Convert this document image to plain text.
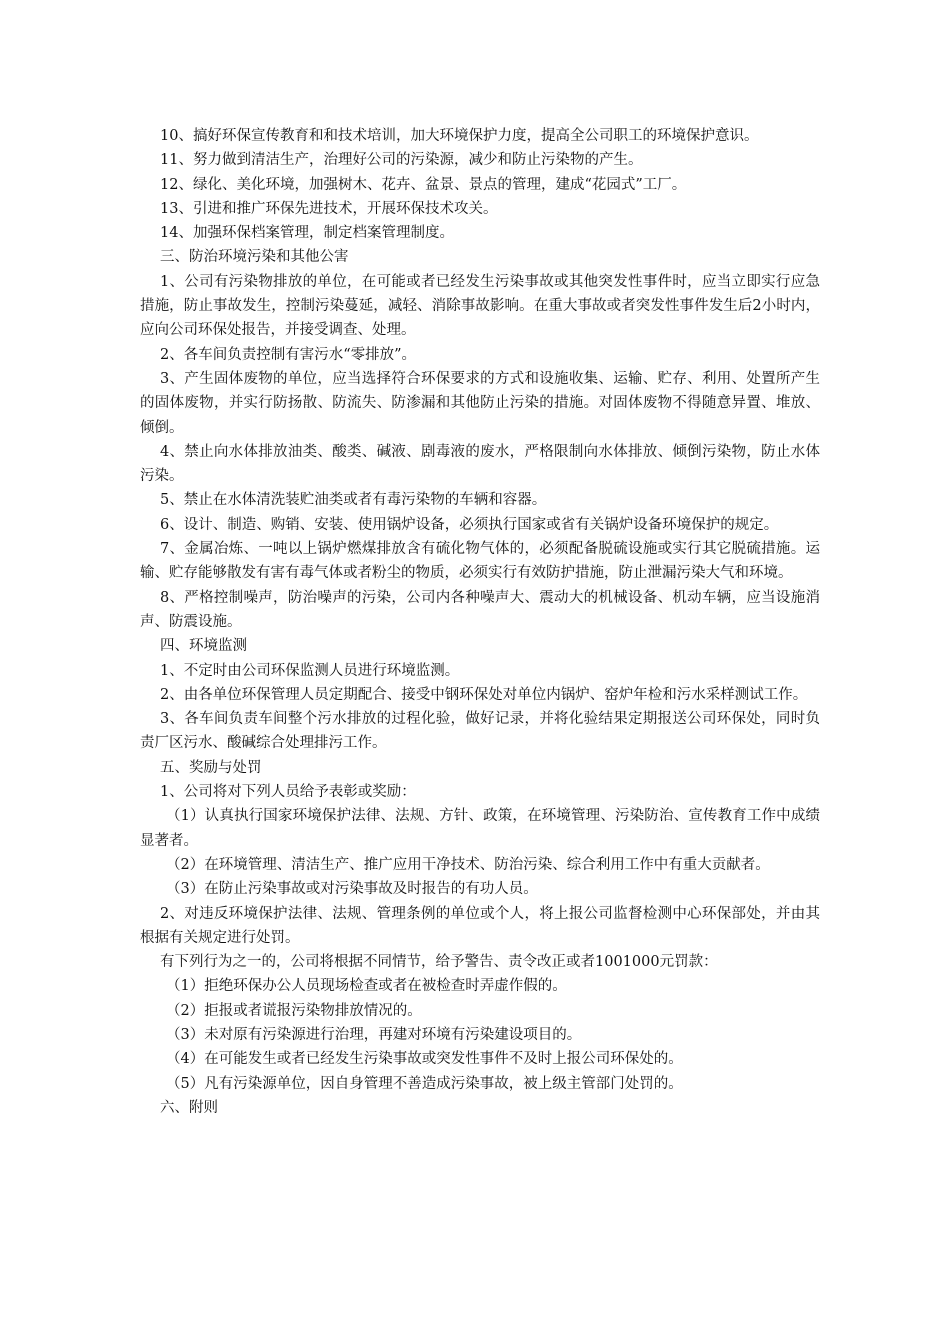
10、搞好环保宣传教育和和技术培训，加大环境保护力度，提高全公司职工的环境保护意识。

11、努力做到清洁生产，治理好公司的污染源，减少和防止污染物的产生。

12、绿化、美化环境，加强树木、花卉、盆景、景点的管理，建成“花园式”工厂。

13、引进和推广环保先进技术，开展环保技术攻关。

14、加强环保档案管理，制定档案管理制度。

三、防治环境污染和其他公害

1、公司有污染物排放的单位，在可能或者已经发生污染事故或其他突发性事件时，应当立即实行应急措施，防止事故发生，控制污染蔓延，减轻、消除事故影响。在重大事故或者突发性事件发生后2小时内，应向公司环保处报告，并接受调查、处理。

2、各车间负责控制有害污水“零排放”。

3、产生固体废物的单位，应当选择符合环保要求的方式和设施收集、运输、贮存、利用、处置所产生的固体废物，并实行防扬散、防流失、防渗漏和其他防止污染的措施。对固体废物不得随意异置、堆放、倾倒。

4、禁止向水体排放油类、酸类、碱液、剧毒液的废水，严格限制向水体排放、倾倒污染物，防止水体污染。

5、禁止在水体清洗装贮油类或者有毒污染物的车辆和容器。

6、设计、制造、购销、安装、使用锅炉设备，必须执行国家或省有关锅炉设备环境保护的规定。

7、金属冶炼、一吨以上锅炉燃煤排放含有硫化物气体的，必须配备脱硫设施或实行其它脱硫措施。运输、贮存能够散发有害有毒气体或者粉尘的物质，必须实行有效防护措施，防止泄漏污染大气和环境。

8、严格控制噪声，防治噪声的污染，公司内各种噪声大、震动大的机械设备、机动车辆，应当设施消声、防震设施。

四、环境监测

1、不定时由公司环保监测人员进行环境监测。

2、由各单位环保管理人员定期配合、接受中钢环保处对单位内锅炉、窑炉年检和污水采样测试工作。

3、各车间负责车间整个污水排放的过程化验，做好记录，并将化验结果定期报送公司环保处，同时负责厂区污水、酸碱综合处理排污工作。

五、奖励与处罚

1、公司将对下列人员给予表彰或奖励：

（1）认真执行国家环境保护法律、法规、方针、政策，在环境管理、污染防治、宣传教育工作中成绩显著者。

（2）在环境管理、清洁生产、推广应用干净技术、防治污染、综合利用工作中有重大贡献者。

（3）在防止污染事故或对污染事故及时报告的有功人员。

2、对违反环境保护法律、法规、管理条例的单位或个人，将上报公司监督检测中心环保部处，并由其根据有关规定进行处罚。

有下列行为之一的，公司将根据不同情节，给予警告、责令改正或者1001000元罚款：

（1）拒绝环保办公人员现场检查或者在被检查时弄虚作假的。

（2）拒报或者谎报污染物排放情况的。

（3）未对原有污染源进行治理，再建对环境有污染建设项目的。

（4）在可能发生或者已经发生污染事故或突发性事件不及时上报公司环保处的。

（5）凡有污染源单位，因自身管理不善造成污染事故，被上级主管部门处罚的。

六、附则
